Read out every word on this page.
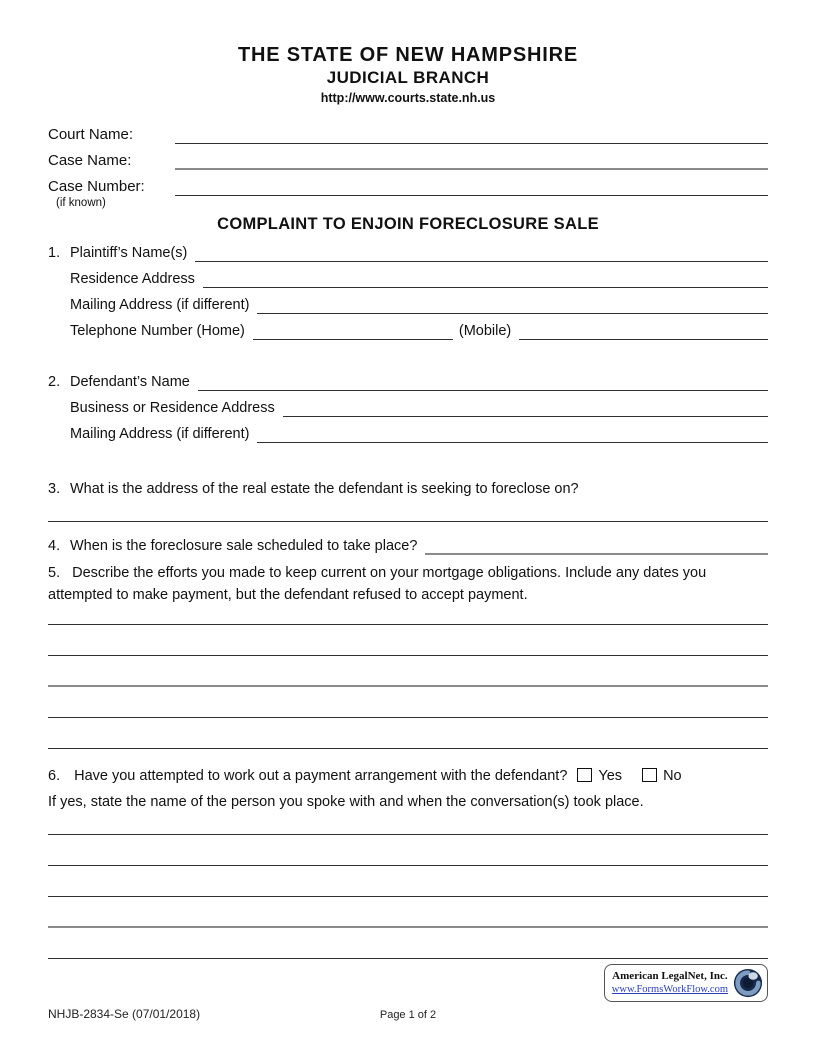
THE STATE OF NEW HAMPSHIRE
JUDICIAL BRANCH
http://www.courts.state.nh.us
Court Name:
Case Name:
Case Number:
(if known)
COMPLAINT TO ENJOIN FORECLOSURE SALE
1. Plaintiff’s Name(s)
Residence Address
Mailing Address (if different)
Telephone Number (Home)	(Mobile)
2. Defendant’s Name
Business or Residence Address
Mailing Address (if different)
3. What is the address of the real estate the defendant is seeking to foreclose on?
4. When is the foreclosure sale scheduled to take place?
5. Describe the efforts you made to keep current on your mortgage obligations. Include any dates you attempted to make payment, but the defendant refused to accept payment.
6. Have you attempted to work out a payment arrangement with the defendant? Yes	No
If yes, state the name of the person you spoke with and when the conversation(s) took place.
American LegalNet, Inc.
www.FormsWorkFlow.com
NHJB-2834-Se (07/01/2018)	Page 1 of 2
